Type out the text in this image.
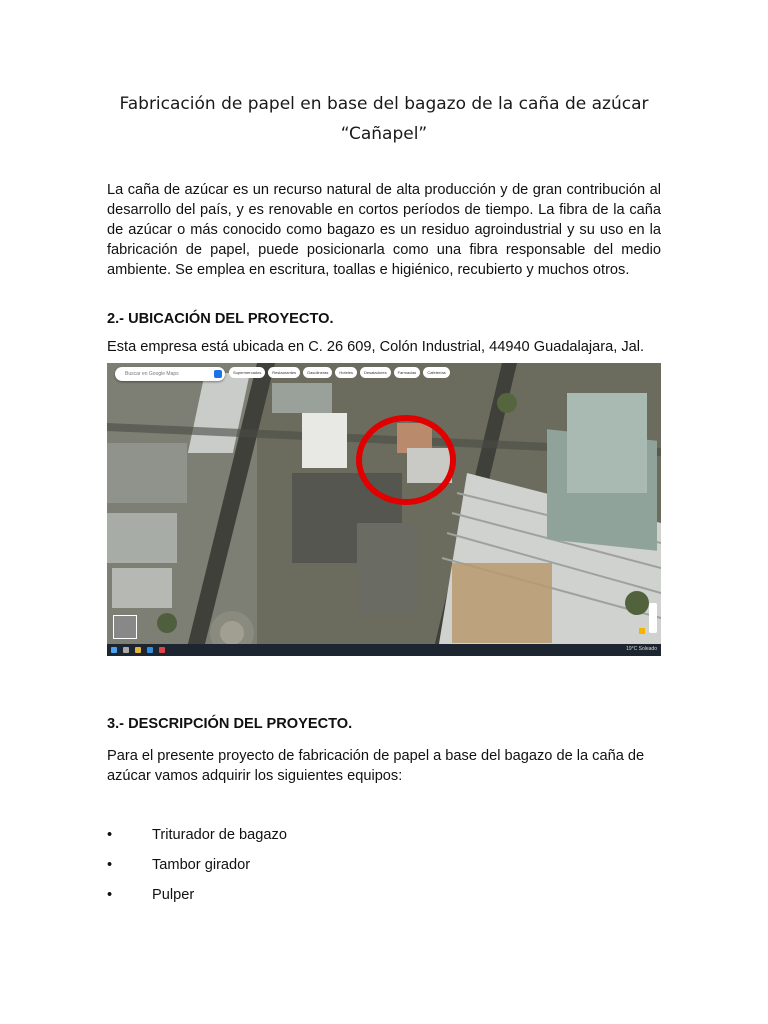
Fabricación de papel en base del bagazo de la caña de azúcar
“Cañapel”
La caña de azúcar es un recurso natural de alta producción y de gran contribución al desarrollo del país, y es renovable en cortos períodos de tiempo. La fibra de la caña de azúcar o más conocido como bagazo es un residuo agroindustrial y su uso en la fabricación de papel, puede posicionarla como una fibra responsable del medio ambiente. Se emplea en escritura, toallas e higiénico, recubierto y muchos otros.
2.- UBICACIÓN DEL PROYECTO.
Esta empresa está ubicada en C. 26 609, Colón Industrial, 44940 Guadalajara, Jal.
Buscar en Google Maps	Supermercados	Restaurantes	Gasolineras	Hoteles	Desatadores	Farmacias	Cafeterías
19°C Soleado
3.- DESCRIPCIÓN DEL PROYECTO.
Para el presente proyecto de fabricación de papel a base del bagazo de la caña de azúcar vamos adquirir los siguientes equipos:
•	Triturador de bagazo
•	Tambor girador
•	Pulper
